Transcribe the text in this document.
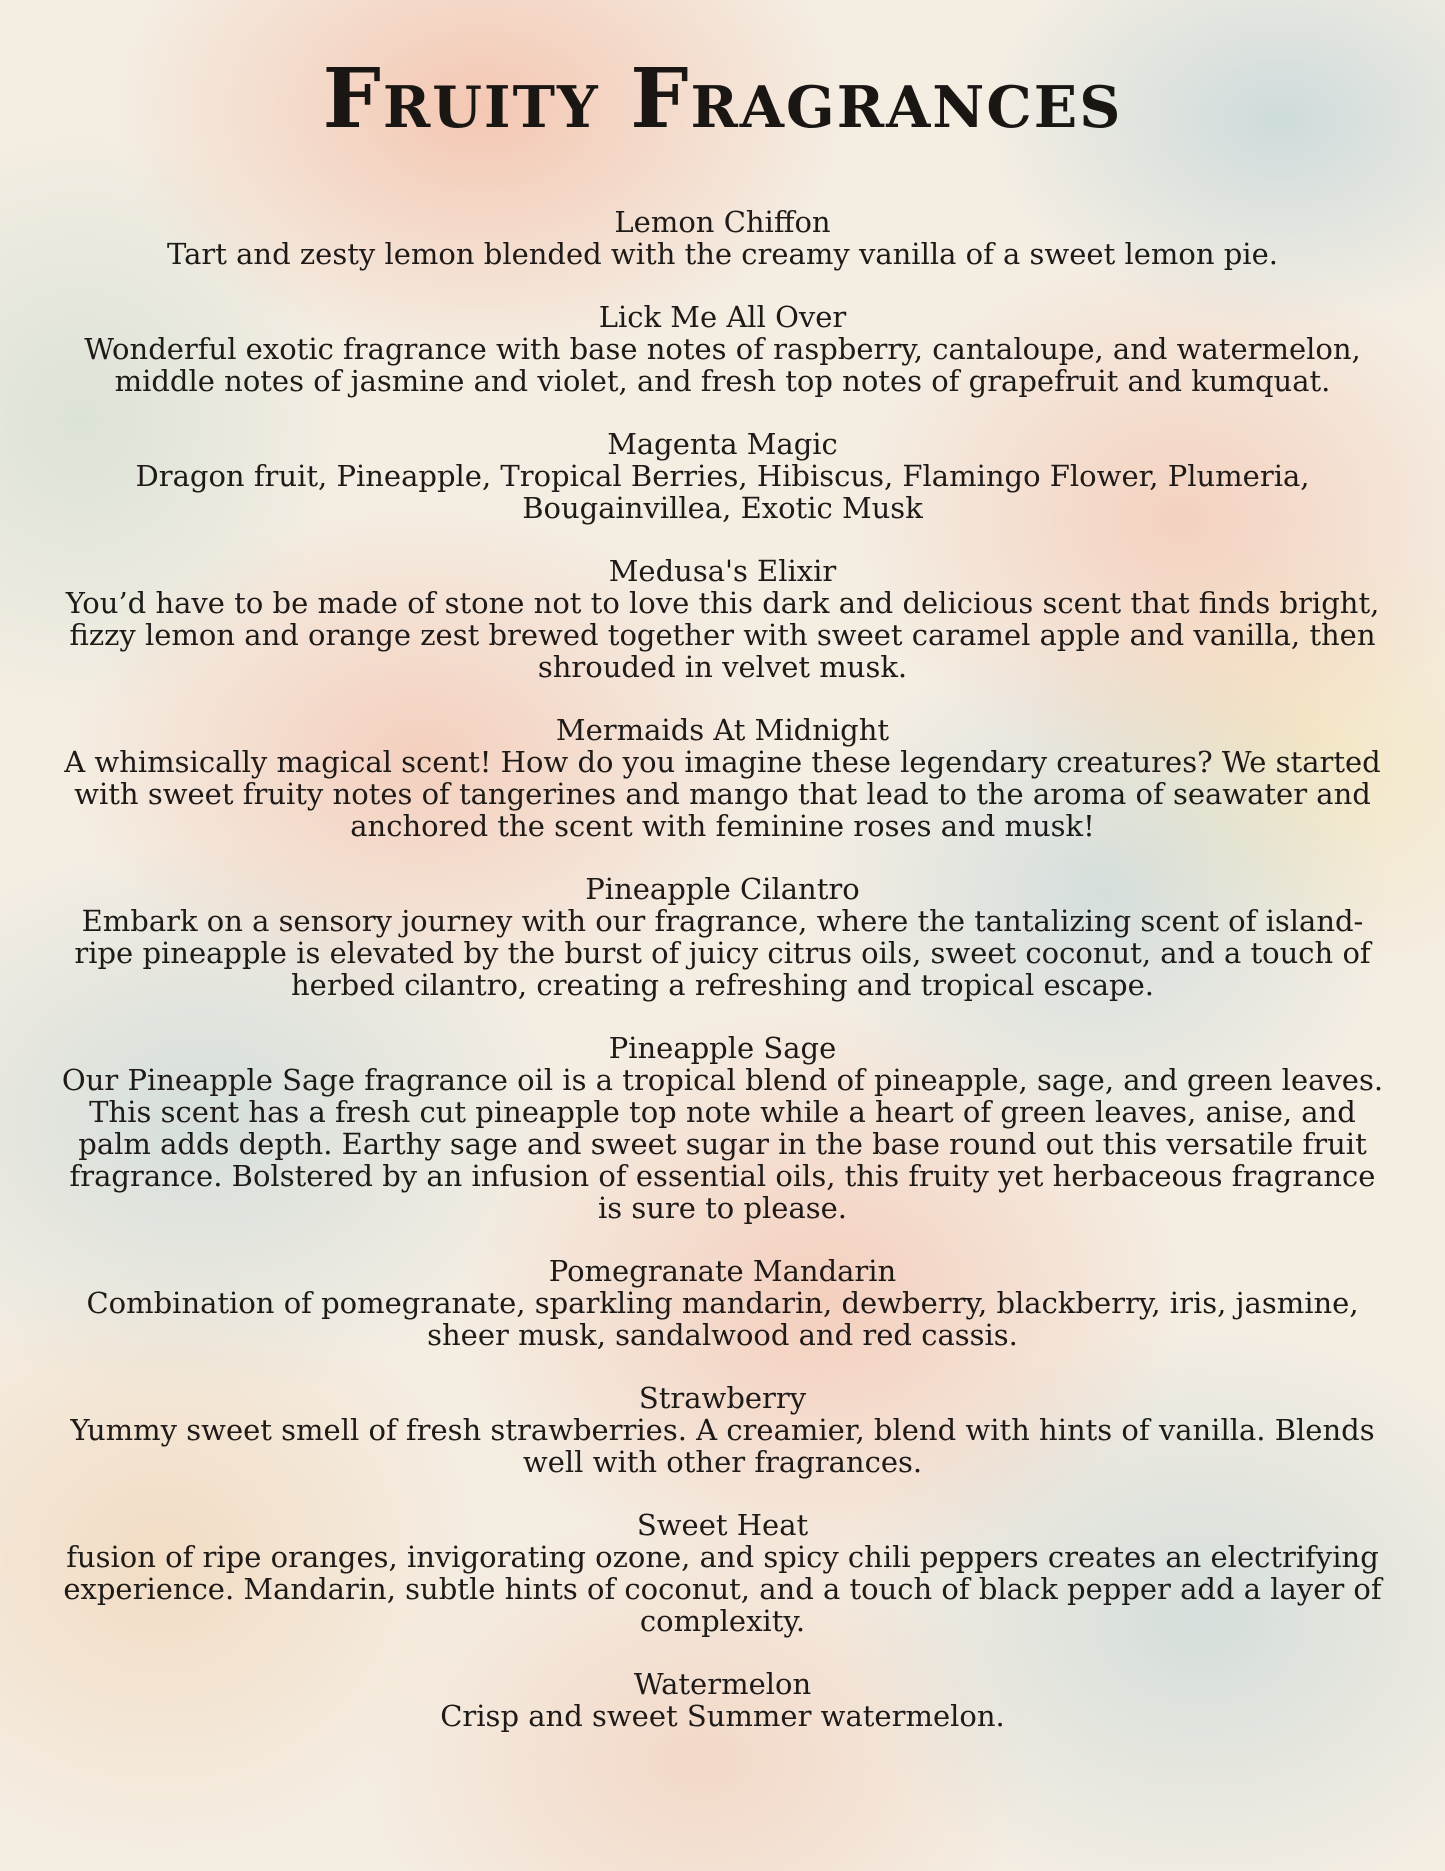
Fruity Fragrances
Lemon Chiffon
Tart and zesty lemon blended with the creamy vanilla of a sweet lemon pie.
Lick Me All Over
Wonderful exotic fragrance with base notes of raspberry, cantaloupe, and watermelon, middle notes of jasmine and violet, and fresh top notes of grapefruit and kumquat.
Magenta Magic
Dragon fruit, Pineapple, Tropical Berries, Hibiscus, Flamingo Flower, Plumeria, Bougainvillea, Exotic Musk
Medusa's Elixir
You’d have to be made of stone not to love this dark and delicious scent that finds bright, fizzy lemon and orange zest brewed together with sweet caramel apple and vanilla, then shrouded in velvet musk.
Mermaids At Midnight
A whimsically magical scent! How do you imagine these legendary creatures? We started with sweet fruity notes of tangerines and mango that lead to the aroma of seawater and anchored the scent with feminine roses and musk!
Pineapple Cilantro
Embark on a sensory journey with our fragrance, where the tantalizing scent of island-ripe pineapple is elevated by the burst of juicy citrus oils, sweet coconut, and a touch of herbed cilantro, creating a refreshing and tropical escape.
Pineapple Sage
Our Pineapple Sage fragrance oil is a tropical blend of pineapple, sage, and green leaves. This scent has a fresh cut pineapple top note while a heart of green leaves, anise, and palm adds depth. Earthy sage and sweet sugar in the base round out this versatile fruit fragrance. Bolstered by an infusion of essential oils, this fruity yet herbaceous fragrance is sure to please.
Pomegranate Mandarin
Combination of pomegranate, sparkling mandarin, dewberry, blackberry, iris, jasmine, sheer musk, sandalwood and red cassis.
Strawberry
Yummy sweet smell of fresh strawberries. A creamier, blend with hints of vanilla. Blends well with other fragrances.
Sweet Heat
fusion of ripe oranges, invigorating ozone, and spicy chili peppers creates an electrifying experience. Mandarin, subtle hints of coconut, and a touch of black pepper add a layer of complexity.
Watermelon
Crisp and sweet Summer watermelon.
